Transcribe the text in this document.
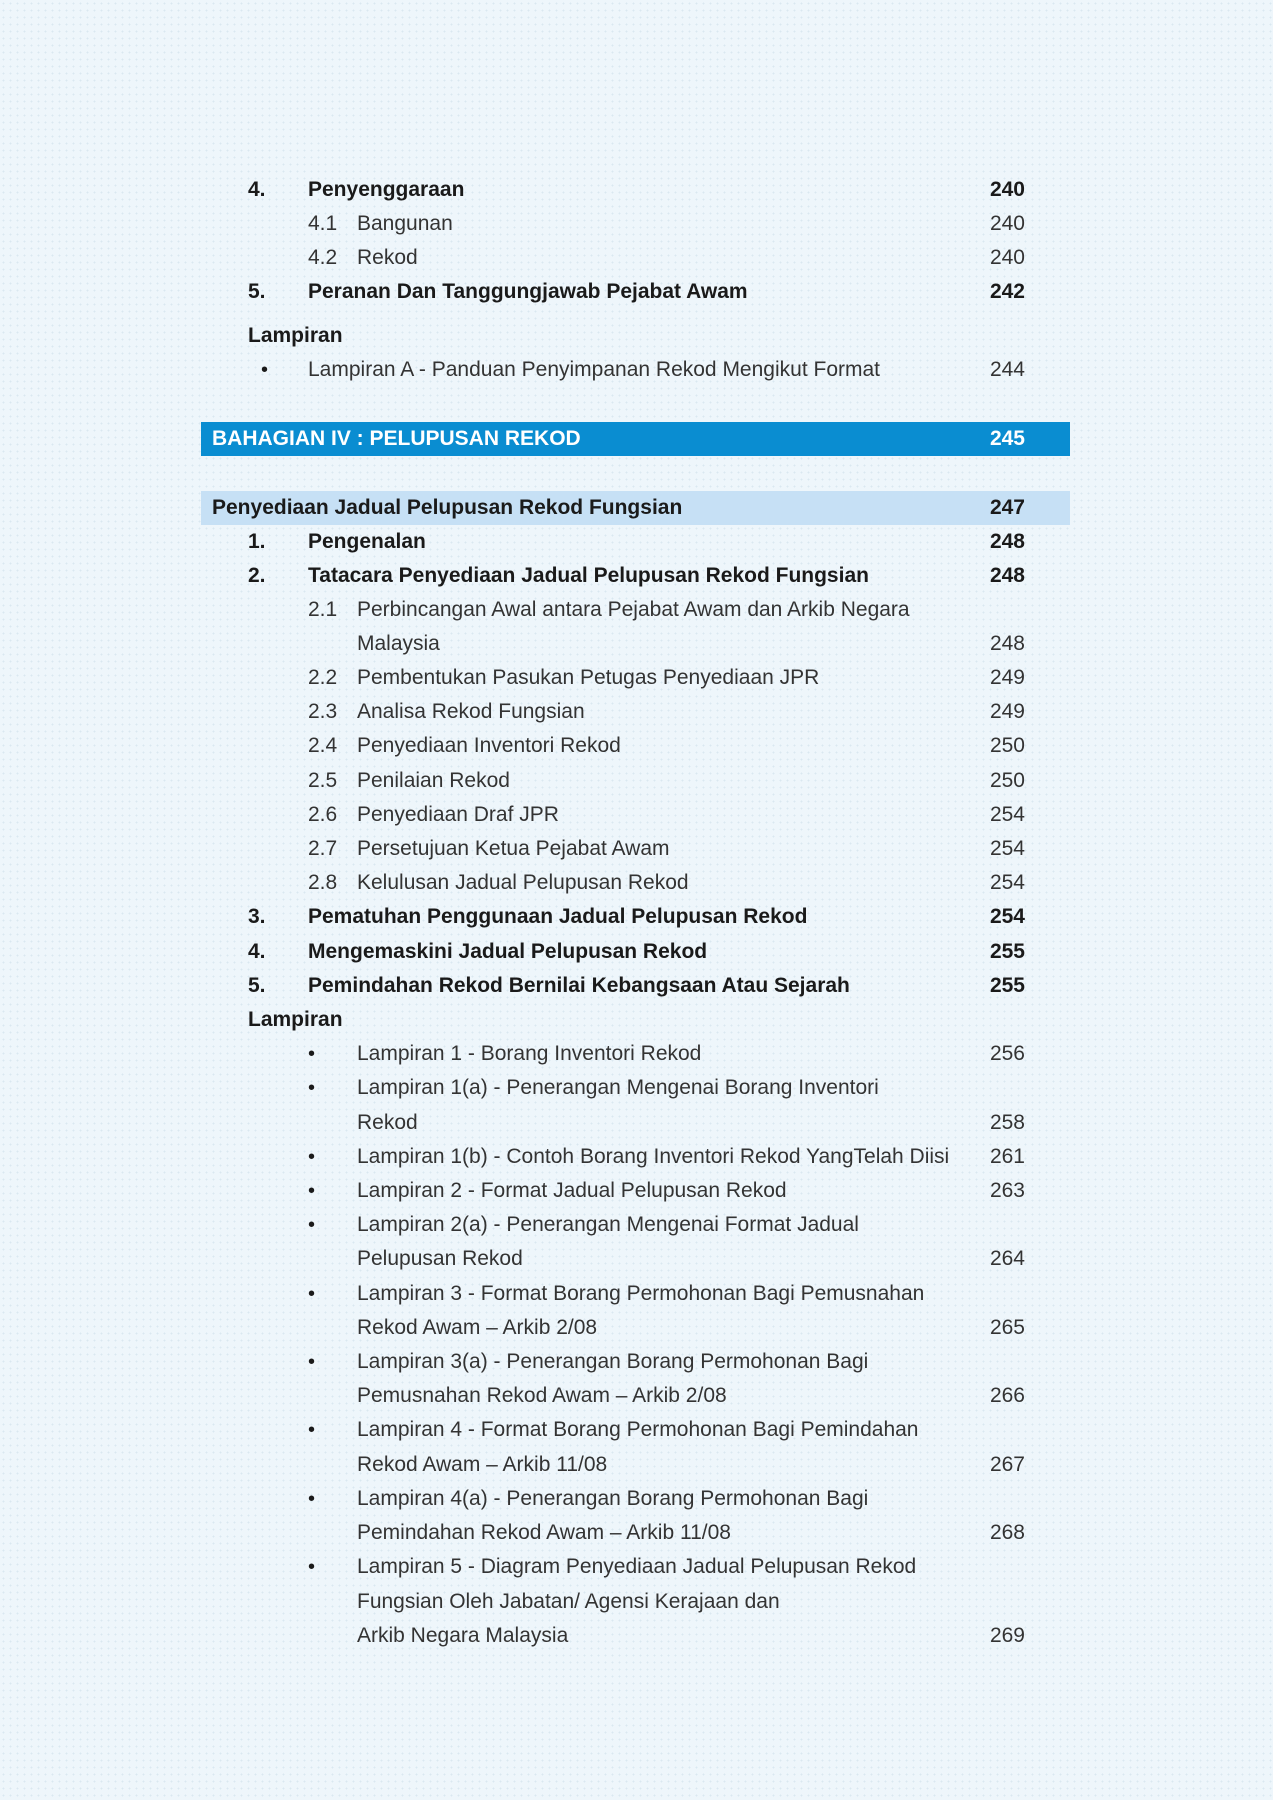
4. Penyenggaraan	240
4.1 Bangunan	240
4.2 Rekod	240
5. Peranan Dan Tanggungjawab Pejabat Awam	242
Lampiran
• Lampiran A - Panduan Penyimpanan Rekod Mengikut Format	244
BAHAGIAN IV : PELUPUSAN REKOD	245
Penyediaan Jadual Pelupusan Rekod Fungsian	247
1. Pengenalan	248
2. Tatacara Penyediaan Jadual Pelupusan Rekod Fungsian	248
2.1 Perbincangan Awal antara Pejabat Awam dan Arkib Negara
Malaysia	248
2.2 Pembentukan Pasukan Petugas Penyediaan JPR	249
2.3 Analisa Rekod Fungsian	249
2.4 Penyediaan Inventori Rekod	250
2.5 Penilaian Rekod	250
2.6 Penyediaan Draf JPR	254
2.7 Persetujuan Ketua Pejabat Awam	254
2.8 Kelulusan Jadual Pelupusan Rekod	254
3. Pematuhan Penggunaan Jadual Pelupusan Rekod	254
4. Mengemaskini Jadual Pelupusan Rekod	255
5. Pemindahan Rekod Bernilai Kebangsaan Atau Sejarah	255
Lampiran
• Lampiran 1 - Borang Inventori Rekod	256
• Lampiran 1(a) - Penerangan Mengenai Borang Inventori
Rekod	258
• Lampiran 1(b) - Contoh Borang Inventori Rekod YangTelah Diisi 261
• Lampiran 2 - Format Jadual Pelupusan Rekod	263
• Lampiran 2(a) - Penerangan Mengenai Format Jadual
Pelupusan Rekod	264
• Lampiran 3 - Format Borang Permohonan Bagi Pemusnahan
Rekod Awam – Arkib 2/08	265
• Lampiran 3(a) - Penerangan Borang Permohonan Bagi
Pemusnahan Rekod Awam – Arkib 2/08	266
• Lampiran 4 - Format Borang Permohonan Bagi Pemindahan
Rekod Awam – Arkib 11/08	267
• Lampiran 4(a) - Penerangan Borang Permohonan Bagi
Pemindahan Rekod Awam – Arkib 11/08	268
• Lampiran 5 - Diagram Penyediaan Jadual Pelupusan Rekod
Fungsian Oleh Jabatan/ Agensi Kerajaan dan
Arkib Negara Malaysia	269
